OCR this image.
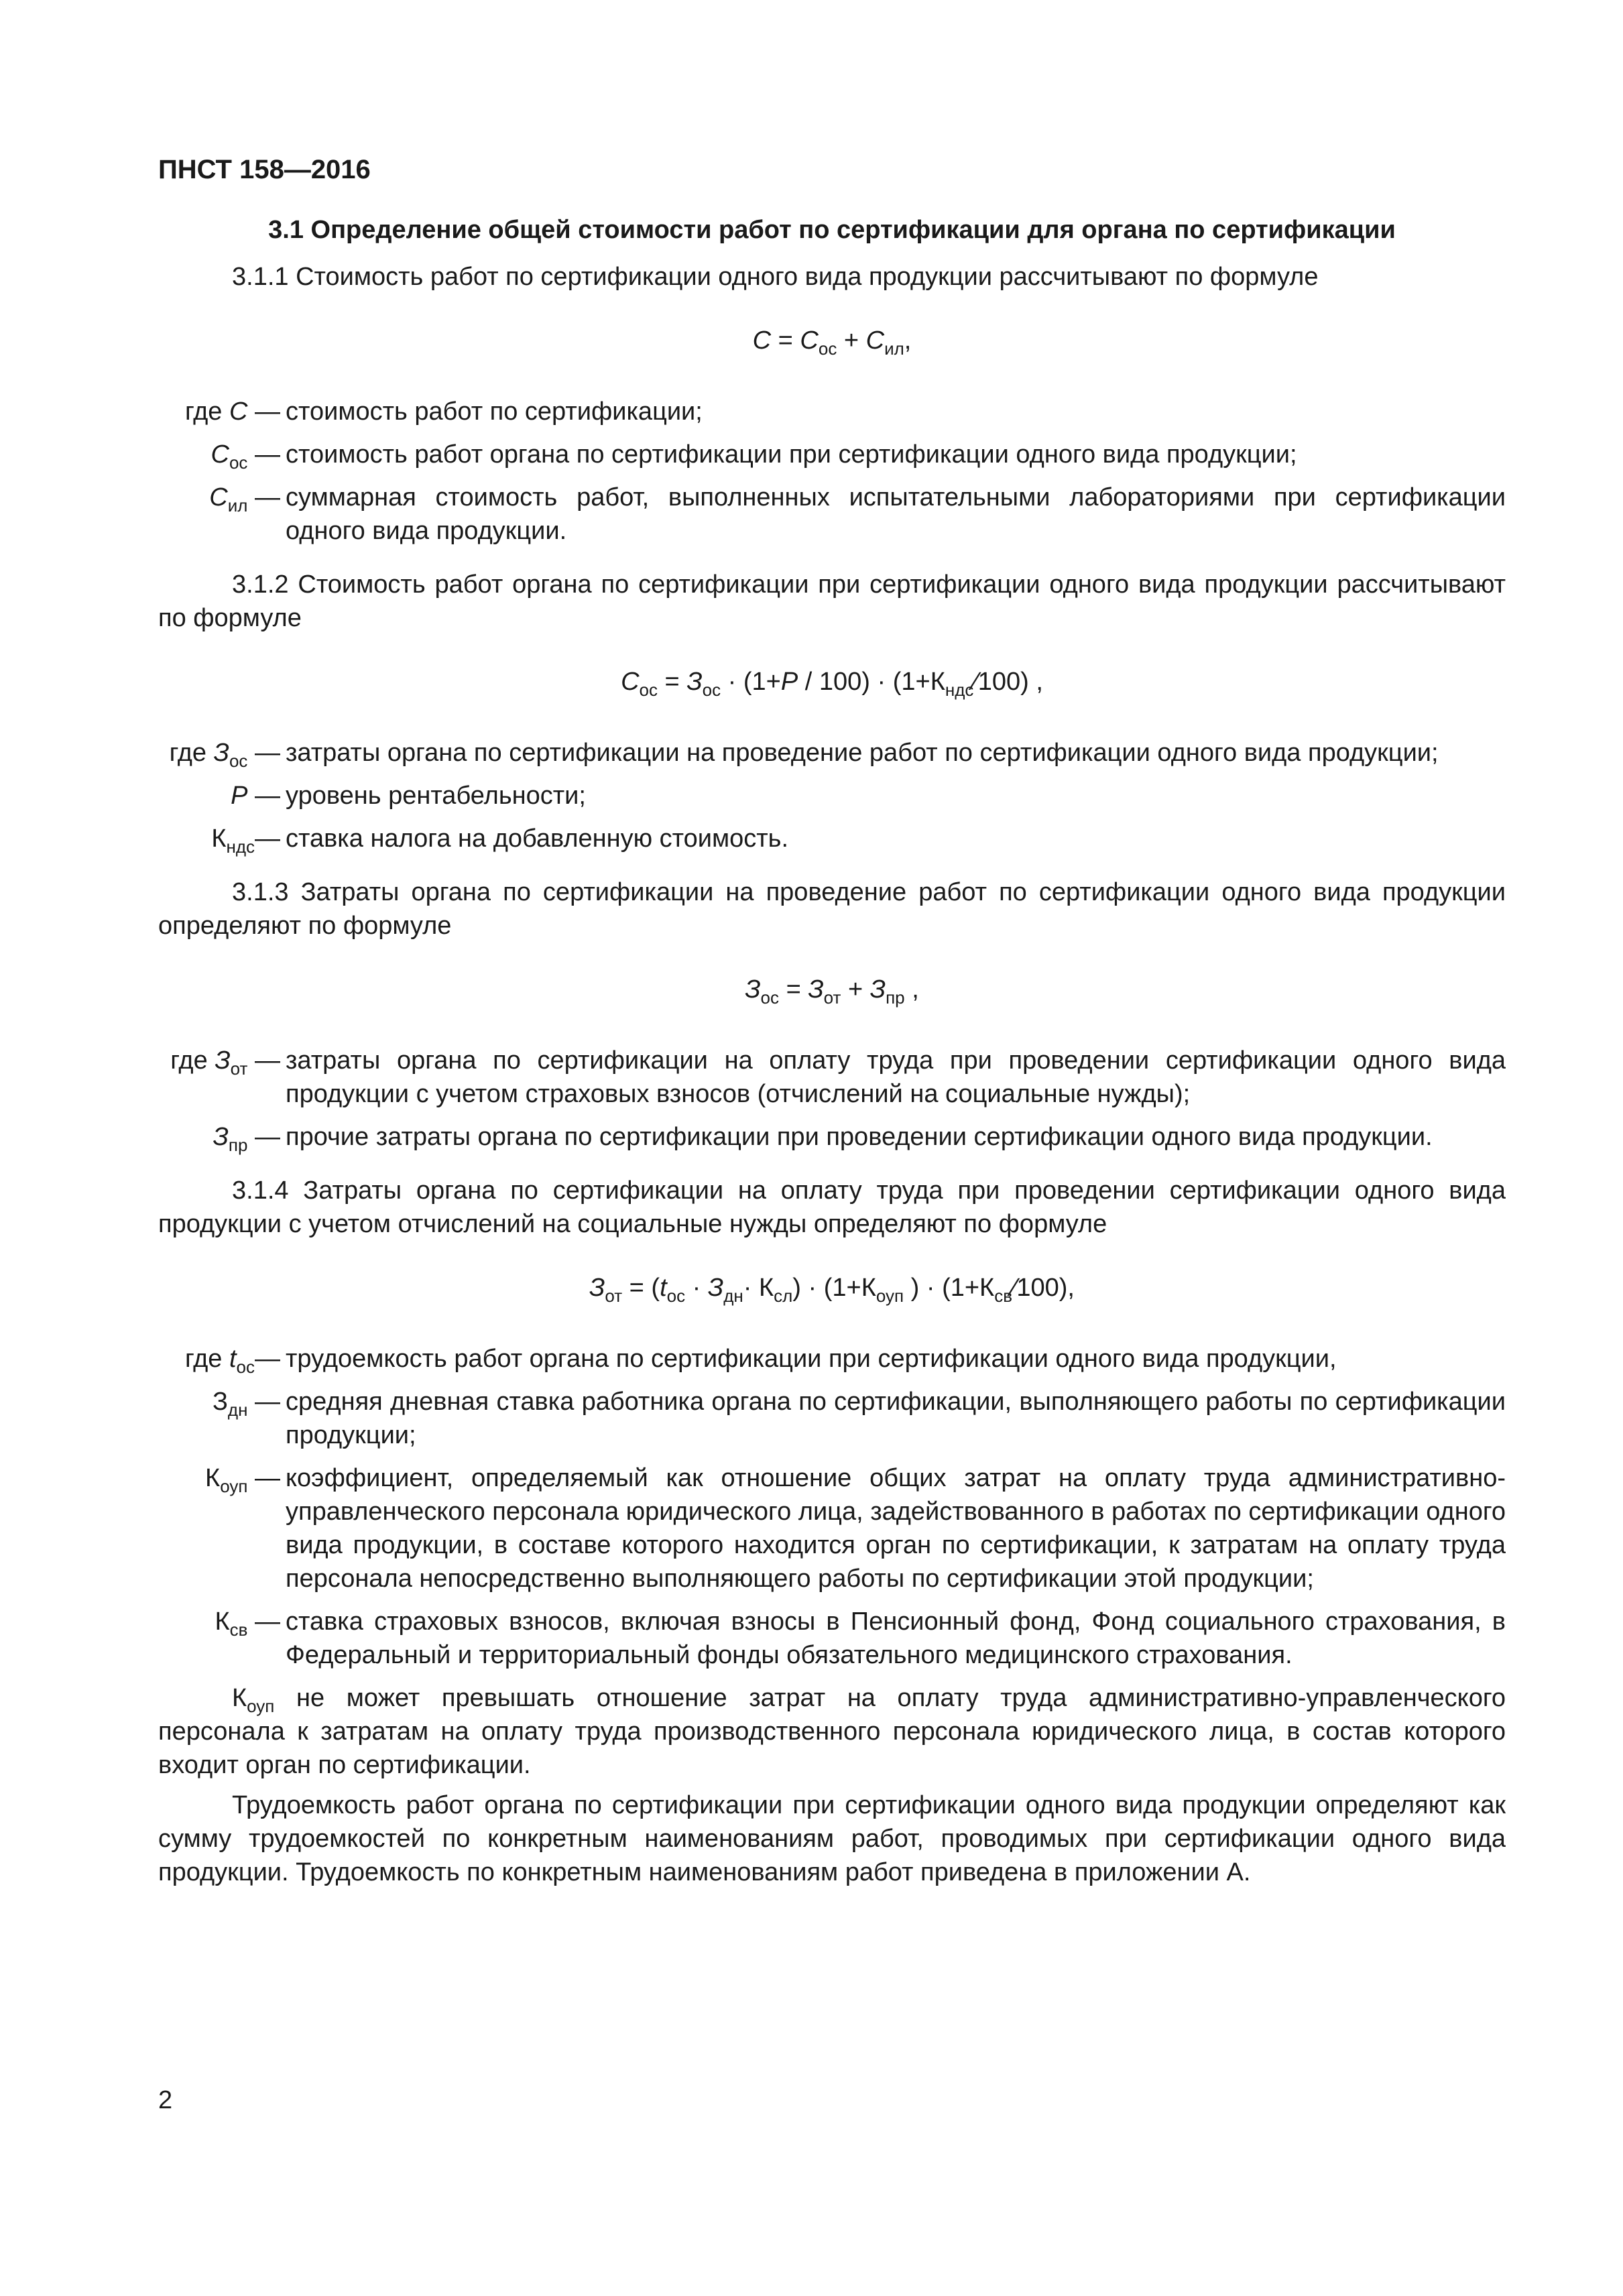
ПНСТ 158—2016
3.1 Определение общей стоимости работ по сертификации для органа по сертификации
3.1.1 Стоимость работ по сертификации одного вида продукции рассчитывают по формуле
$С = С_{ос} + С_{ил}$,
где С — стоимость работ по сертификации;
$С_{ос}$ — стоимость работ органа по сертификации при сертификации одного вида продукции;
$С_{ил}$ — суммарная стоимость работ, выполненных испытательными лабораториями при сертификации одного вида продукции.
3.1.2 Стоимость работ органа по сертификации при сертификации одного вида продукции рассчитывают по формуле
$С_{ос} = З_{ос} \cdot (1+Р / 100)$ · $(1+К_{ндс}⁄100)$ ,
где $З_{ос}$ — затраты органа по сертификации на проведение работ по сертификации одного вида продукции;
Р — уровень рентабельности;
$К_{ндс}—$ ставка налога на добавленную стоимость.
3.1.3 Затраты органа по сертификации на проведение работ по сертификации одного вида продукции определяют по формуле
$З_{ос} = З_{от} + З_{пр}$ ,
где $З_{от}$ — затраты органа по сертификации на оплату труда при проведении сертификации одного вида продукции с учетом страховых взносов (отчислений на социальные нужды);
$З_{пр}$ — прочие затраты органа по сертификации при проведении сертификации одного вида продукции.
3.1.4 Затраты органа по сертификации на оплату труда при проведении сертификации одного вида продукции с учетом отчислений на социальные нужды определяют по формуле
$З_{от} = (t_{ос} \cdot З_{дн}\cdot К_{сл}) \cdot (1+К_{оуп}$ ) · $(1+К_{св}⁄100)$,
где $t_{ос}—$ трудоемкость работ органа по сертификации при сертификации одного вида продукции,
$З_{дн}$ — средняя дневная ставка работника органа по сертификации, выполняющего работы по сертификации продукции;
$К_{оуп}$ — коэффициент, определяемый как отношение общих затрат на оплату труда административно-управленческого персонала юридического лица, задействованного в работах по сертификации одного вида продукции, в составе которого находится орган по сертификации, к затратам на оплату труда персонала непосредственно выполняющего работы по сертификации этой продукции;
$К_{св}$ — ставка страховых взносов, включая взносы в Пенсионный фонд, Фонд социального страхования, в Федеральный и территориальный фонды обязательного медицинского страхования.
$К_{оуп}$ не может превышать отношение затрат на оплату труда административно-управленческого персонала к затратам на оплату труда производственного персонала юридического лица, в состав которого входит орган по сертификации.
Трудоемкость работ органа по сертификации при сертификации одного вида продукции определяют как сумму трудоемкостей по конкретным наименованиям работ, проводимых при сертификации одного вида продукции. Трудоемкость по конкретным наименованиям работ приведена в приложении А.
2
